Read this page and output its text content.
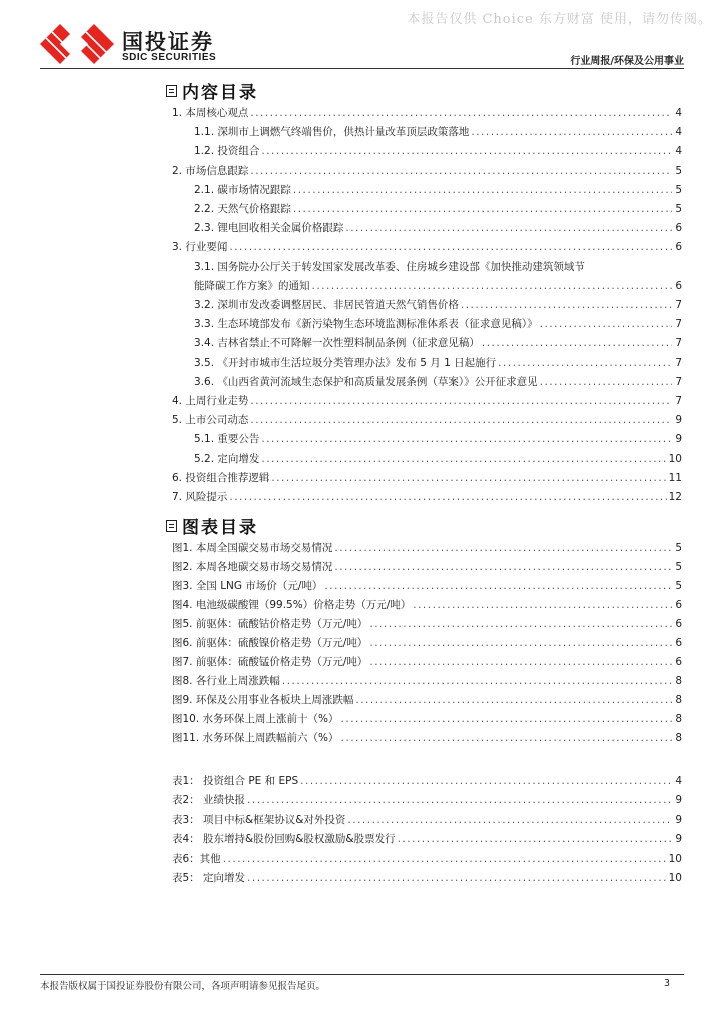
本报告仅供 Choice 东方财富 使用，请勿传阅。
国投证券
SDIC SECURITIES	行业周报/环保及公用事业
内容目录
1. 本周核心观点 .....	4
1.1. 深圳市上调燃气终端售价，供热计量改革顶层政策落地 .....	4
1.2. 投资组合 .....	4
2. 市场信息跟踪 .....	5
2.1. 碳市场情况跟踪 .....	5
2.2. 天然气价格跟踪 .....	5
2.3. 锂电回收相关金属价格跟踪 .....	6
3. 行业要闻 .....	6
3.1. 国务院办公厅关于转发国家发展改革委、住房城乡建设部《加快推动建筑领域节
能降碳工作方案》的通知 .....	6
3.2. 深圳市发改委调整居民、非居民管道天然气销售价格 .....	7
3.3. 生态环境部发布《新污染物生态环境监测标准体系表（征求意见稿）》 .....	7
3.4. 吉林省禁止不可降解一次性塑料制品条例（征求意见稿） .....	7
3.5. 《开封市城市生活垃圾分类管理办法》发布 5 月 1 日起施行 .....	7
3.6. 《山西省黄河流域生态保护和高质量发展条例（草案）》公开征求意见 .....	7
4. 上周行业走势 .....	7
5. 上市公司动态 .....	9
5.1. 重要公告 .....	9
5.2. 定向增发 .....	10
6. 投资组合推荐逻辑 .....	11
7. 风险提示 .....	12
图表目录
图1. 本周全国碳交易市场交易情况 .....	5
图2. 本周各地碳交易市场交易情况 .....	5
图3. 全国 LNG 市场价（元/吨） .....	5
图4. 电池级碳酸锂（99.5%）价格走势（万元/吨） .....	6
图5. 前驱体：硫酸钴价格走势（万元/吨） .....	6
图6. 前驱体：硫酸镍价格走势（万元/吨） .....	6
图7. 前驱体：硫酸锰价格走势（万元/吨） .....	6
图8. 各行业上周涨跌幅 .....	8
图9. 环保及公用事业各板块上周涨跌幅 .....	8
图10. 水务环保上周上涨前十（%） .....	8
图11. 水务环保上周跌幅前六（%） .....	8
表1： 投资组合 PE 和 EPS .....	4
表2： 业绩快报 .....	9
表3： 项目中标&框架协议&对外投资 .....	9
表4： 股东增持&股份回购&股权激励&股票发行 .....	9
表6：其他 .....	10
表5： 定向增发 .....	10
本报告版权属于国投证券股份有限公司，各项声明请参见报告尾页。	3
